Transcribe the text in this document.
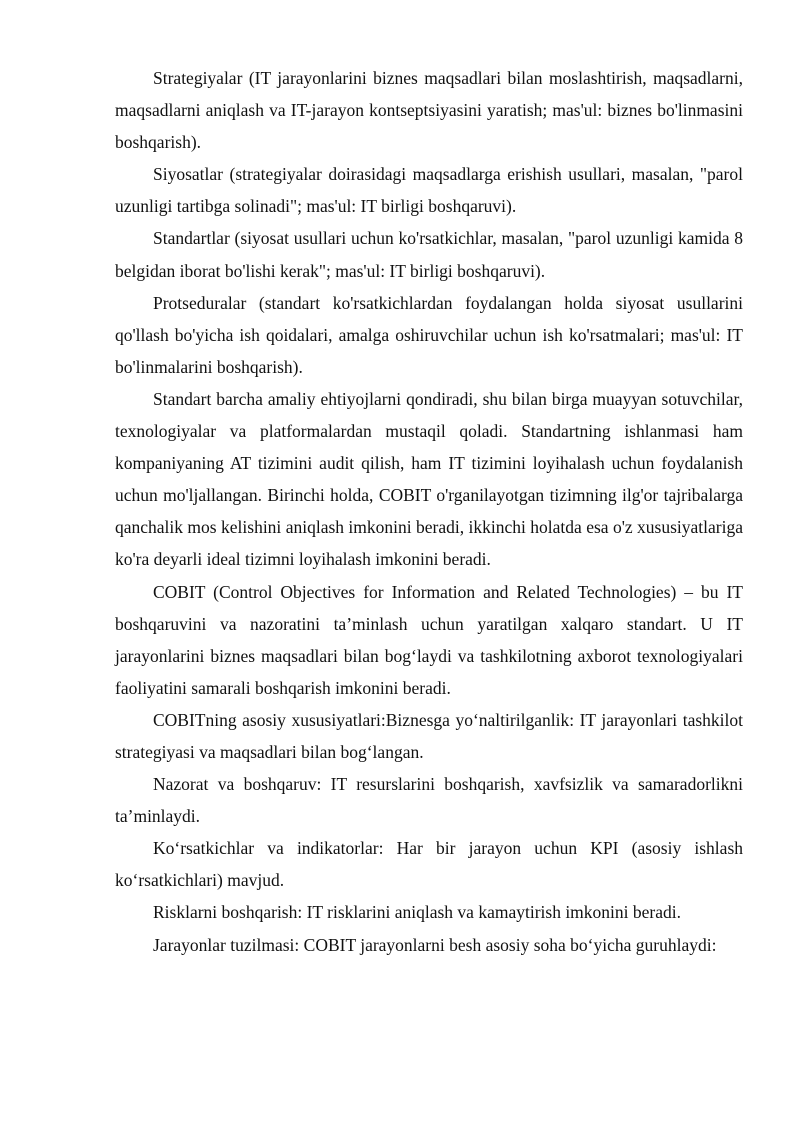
Strategiyalar (IT jarayonlarini biznes maqsadlari bilan moslashtirish, maqsadlarni, maqsadlarni aniqlash va IT-jarayon kontseptsiyasini yaratish; mas'ul: biznes bo'linmasini boshqarish).

Siyosatlar (strategiyalar doirasidagi maqsadlarga erishish usullari, masalan, "parol uzunligi tartibga solinadi"; mas'ul: IT birligi boshqaruvi).

Standartlar (siyosat usullari uchun ko'rsatkichlar, masalan, "parol uzunligi kamida 8 belgidan iborat bo'lishi kerak"; mas'ul: IT birligi boshqaruvi).

Protseduralar (standart ko'rsatkichlardan foydalangan holda siyosat usullarini qo'llash bo'yicha ish qoidalari, amalga oshiruvchilar uchun ish ko'rsatmalari; mas'ul: IT bo'linmalarini boshqarish).

Standart barcha amaliy ehtiyojlarni qondiradi, shu bilan birga muayyan sotuvchilar, texnologiyalar va platformalardan mustaqil qoladi. Standartning ishlanmasi ham kompaniyaning AT tizimini audit qilish, ham IT tizimini loyihalash uchun foydalanish uchun mo'ljallangan. Birinchi holda, COBIT o'rganilayotgan tizimning ilg'or tajribalarga qanchalik mos kelishini aniqlash imkonini beradi, ikkinchi holatda esa o'z xususiyatlariga ko'ra deyarli ideal tizimni loyihalash imkonini beradi.

COBIT (Control Objectives for Information and Related Technologies) – bu IT boshqaruvini va nazoratini ta’minlash uchun yaratilgan xalqaro standart. U IT jarayonlarini biznes maqsadlari bilan bog‘laydi va tashkilotning axborot texnologiyalari faoliyatini samarali boshqarish imkonini beradi.

COBITning asosiy xususiyatlari:Biznesga yo‘naltirilganlik: IT jarayonlari tashkilot strategiyasi va maqsadlari bilan bog‘langan.

Nazorat va boshqaruv: IT resurslarini boshqarish, xavfsizlik va samaradorlikni ta’minlaydi.

Ko‘rsatkichlar va indikatorlar: Har bir jarayon uchun KPI (asosiy ishlash ko‘rsatkichlari) mavjud.

Risklarni boshqarish: IT risklarini aniqlash va kamaytirish imkonini beradi.

Jarayonlar tuzilmasi: COBIT jarayonlarni besh asosiy soha bo‘yicha guruhlaydi:
